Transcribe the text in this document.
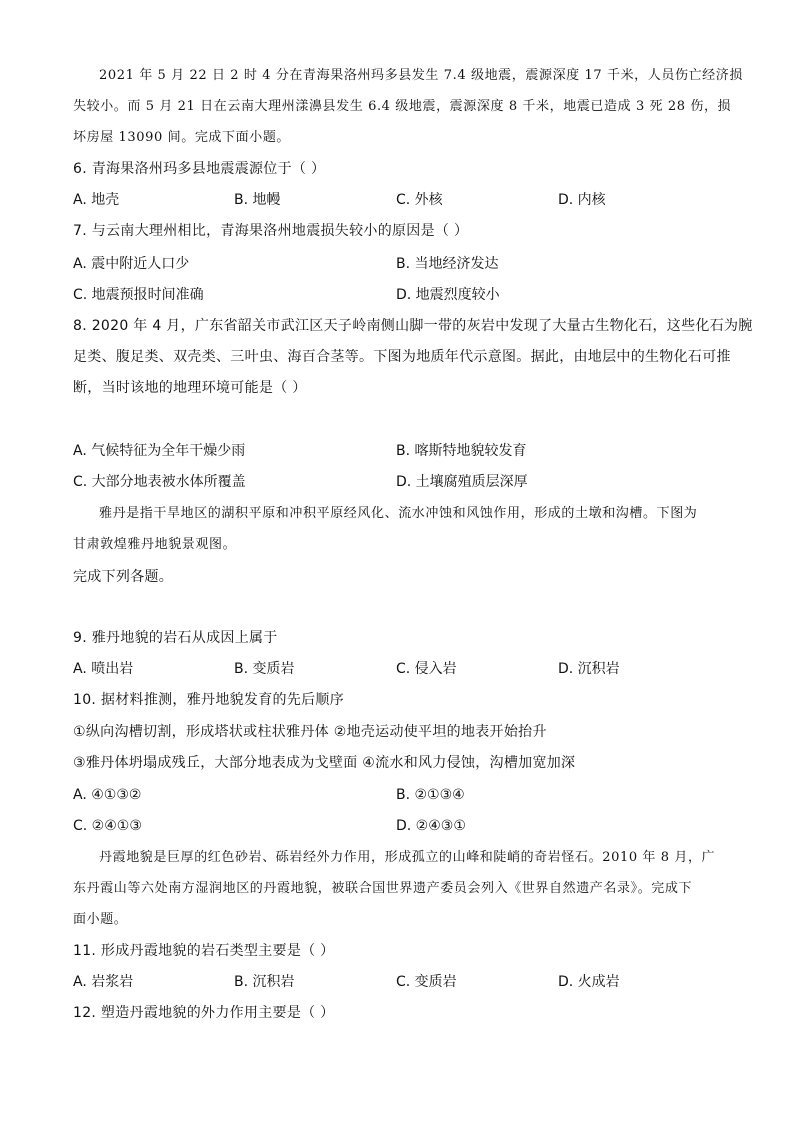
2021 年 5 月 22 日 2 时 4 分在青海果洛州玛多县发生 7.4 级地震，震源深度 17 千米，人员伤亡经济损
失较小。而 5 月 21 日在云南大理州漾濞县发生 6.4 级地震，震源深度 8 千米，地震已造成 3 死 28 伤，损
坏房屋 13090 间。完成下面小题。
6. 青海果洛州玛多县地震震源位于（ ）
A. 地壳	B. 地幔	C. 外核	D. 内核
7. 与云南大理州相比，青海果洛州地震损失较小的原因是（ ）
A. 震中附近人口少	B. 当地经济发达
C. 地震预报时间准确	D. 地震烈度较小
8. 2020 年 4 月，广东省韶关市武江区天子岭南侧山脚一带的灰岩中发现了大量古生物化石，这些化石为腕
足类、腹足类、双壳类、三叶虫、海百合茎等。下图为地质年代示意图。据此，由地层中的生物化石可推
断，当时该地的地理环境可能是（ ）
A. 气候特征为全年干燥少雨	B. 喀斯特地貌较发育
C. 大部分地表被水体所覆盖	D. 土壤腐殖质层深厚
雅丹是指干旱地区的湖积平原和冲积平原经风化、流水冲蚀和风蚀作用，形成的土墩和沟槽。下图为
甘肃敦煌雅丹地貌景观图。
完成下列各题。
9. 雅丹地貌的岩石从成因上属于
A. 喷出岩	B. 变质岩	C. 侵入岩	D. 沉积岩
10. 据材料推测，雅丹地貌发育的先后顺序
①纵向沟槽切割，形成塔状或柱状雅丹体 ②地壳运动使平坦的地表开始抬升
③雅丹体坍塌成残丘，大部分地表成为戈壁面 ④流水和风力侵蚀，沟槽加宽加深
A. ④①③②	B. ②①③④
C. ②④①③	D. ②④③①
丹霞地貌是巨厚的红色砂岩、砾岩经外力作用，形成孤立的山峰和陡峭的奇岩怪石。2010 年 8 月，广
东丹霞山等六处南方湿润地区的丹霞地貌，被联合国世界遗产委员会列入《世界自然遗产名录》。完成下
面小题。
11. 形成丹霞地貌的岩石类型主要是（ ）
A. 岩浆岩	B. 沉积岩	C. 变质岩	D. 火成岩
12. 塑造丹霞地貌的外力作用主要是（ ）
